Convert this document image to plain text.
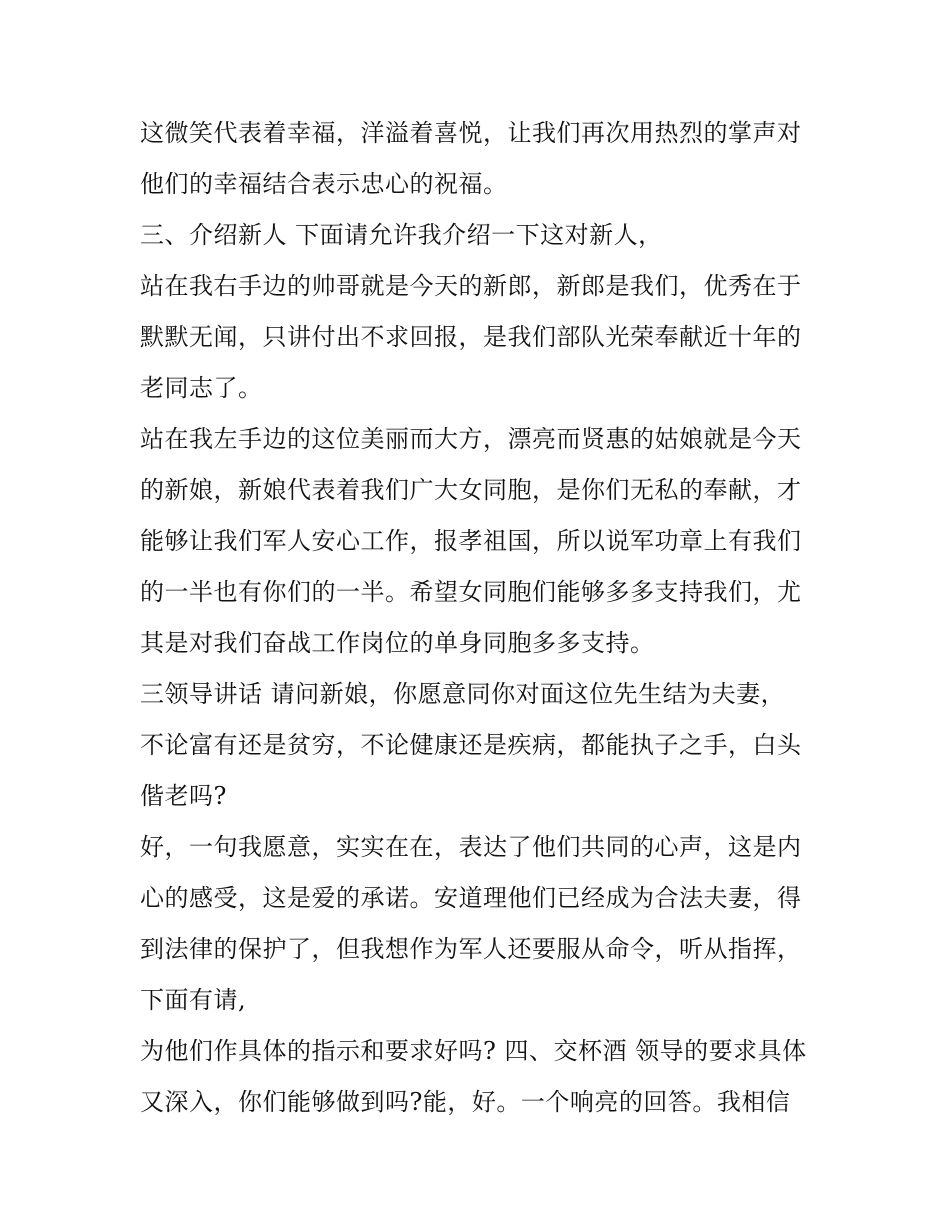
这微笑代表着幸福，洋溢着喜悦，让我们再次用热烈的掌声对
他们的幸福结合表示忠心的祝福。
三、介绍新人 下面请允许我介绍一下这对新人，
站在我右手边的帅哥就是今天的新郎，新郎是我们，优秀在于
默默无闻，只讲付出不求回报，是我们部队光荣奉献近十年的
老同志了。
站在我左手边的这位美丽而大方，漂亮而贤惠的姑娘就是今天
的新娘，新娘代表着我们广大女同胞，是你们无私的奉献，才
能够让我们军人安心工作，报孝祖国，所以说军功章上有我们
的一半也有你们的一半。希望女同胞们能够多多支持我们，尤
其是对我们奋战工作岗位的单身同胞多多支持。
三领导讲话 请问新娘，你愿意同你对面这位先生结为夫妻，
不论富有还是贫穷，不论健康还是疾病，都能执子之手，白头
偕老吗?
好，一句我愿意，实实在在，表达了他们共同的心声，这是内
心的感受，这是爱的承诺。安道理他们已经成为合法夫妻，得
到法律的保护了，但我想作为军人还要服从命令，听从指挥，
下面有请,
为他们作具体的指示和要求好吗? 四、交杯酒 领导的要求具体
又深入，你们能够做到吗?能，好。一个响亮的回答。我相信
